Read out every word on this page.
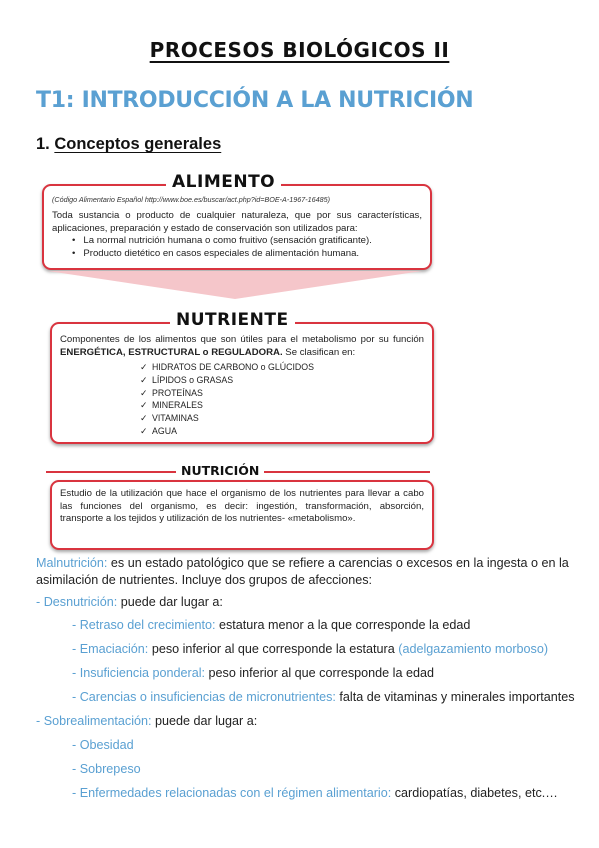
PROCESOS BIOLÓGICOS II
T1: INTRODUCCIÓN A LA NUTRICIÓN
1. Conceptos generales
ALIMENTO
(Código Alimentario Español http://www.boe.es/buscar/act.php?id=BOE-A-1967-16485)
Toda sustancia o producto de cualquier naturaleza, que por sus características, aplicaciones, preparación y estado de conservación son utilizados para:
•   La normal nutrición humana o como fruitivo (sensación gratificante).
•   Producto dietético en casos especiales de alimentación humana.
NUTRIENTE
Componentes de los alimentos que son útiles para el metabolismo por su función ENERGÉTICA, ESTRUCTURAL o REGULADORA. Se clasifican en:
✓ HIDRATOS DE CARBONO o GLÚCIDOS
✓ LÍPIDOS o GRASAS
✓ PROTEÍNAS
✓ MINERALES
✓ VITAMINAS
✓ AGUA
NUTRICIÓN
Estudio de la utilización que hace el organismo de los nutrientes para llevar a cabo las funciones del organismo, es decir: ingestión, transformación, absorción, transporte a los tejidos y utilización de los nutrientes- «metabolismo».
Malnutrición: es un estado patológico que se refiere a carencias o excesos en la ingesta o en la asimilación de nutrientes. Incluye dos grupos de afecciones:
- Desnutrición: puede dar lugar a:
- Retraso del crecimiento: estatura menor a la que corresponde la edad
- Emaciación: peso inferior al que corresponde la estatura (adelgazamiento morboso)
- Insuficiencia ponderal: peso inferior al que corresponde la edad
- Carencias o insuficiencias de micronutrientes: falta de vitaminas y minerales importantes
- Sobrealimentación: puede dar lugar a:
- Obesidad
- Sobrepeso
- Enfermedades relacionadas con el régimen alimentario: cardiopatías, diabetes, etc.…
